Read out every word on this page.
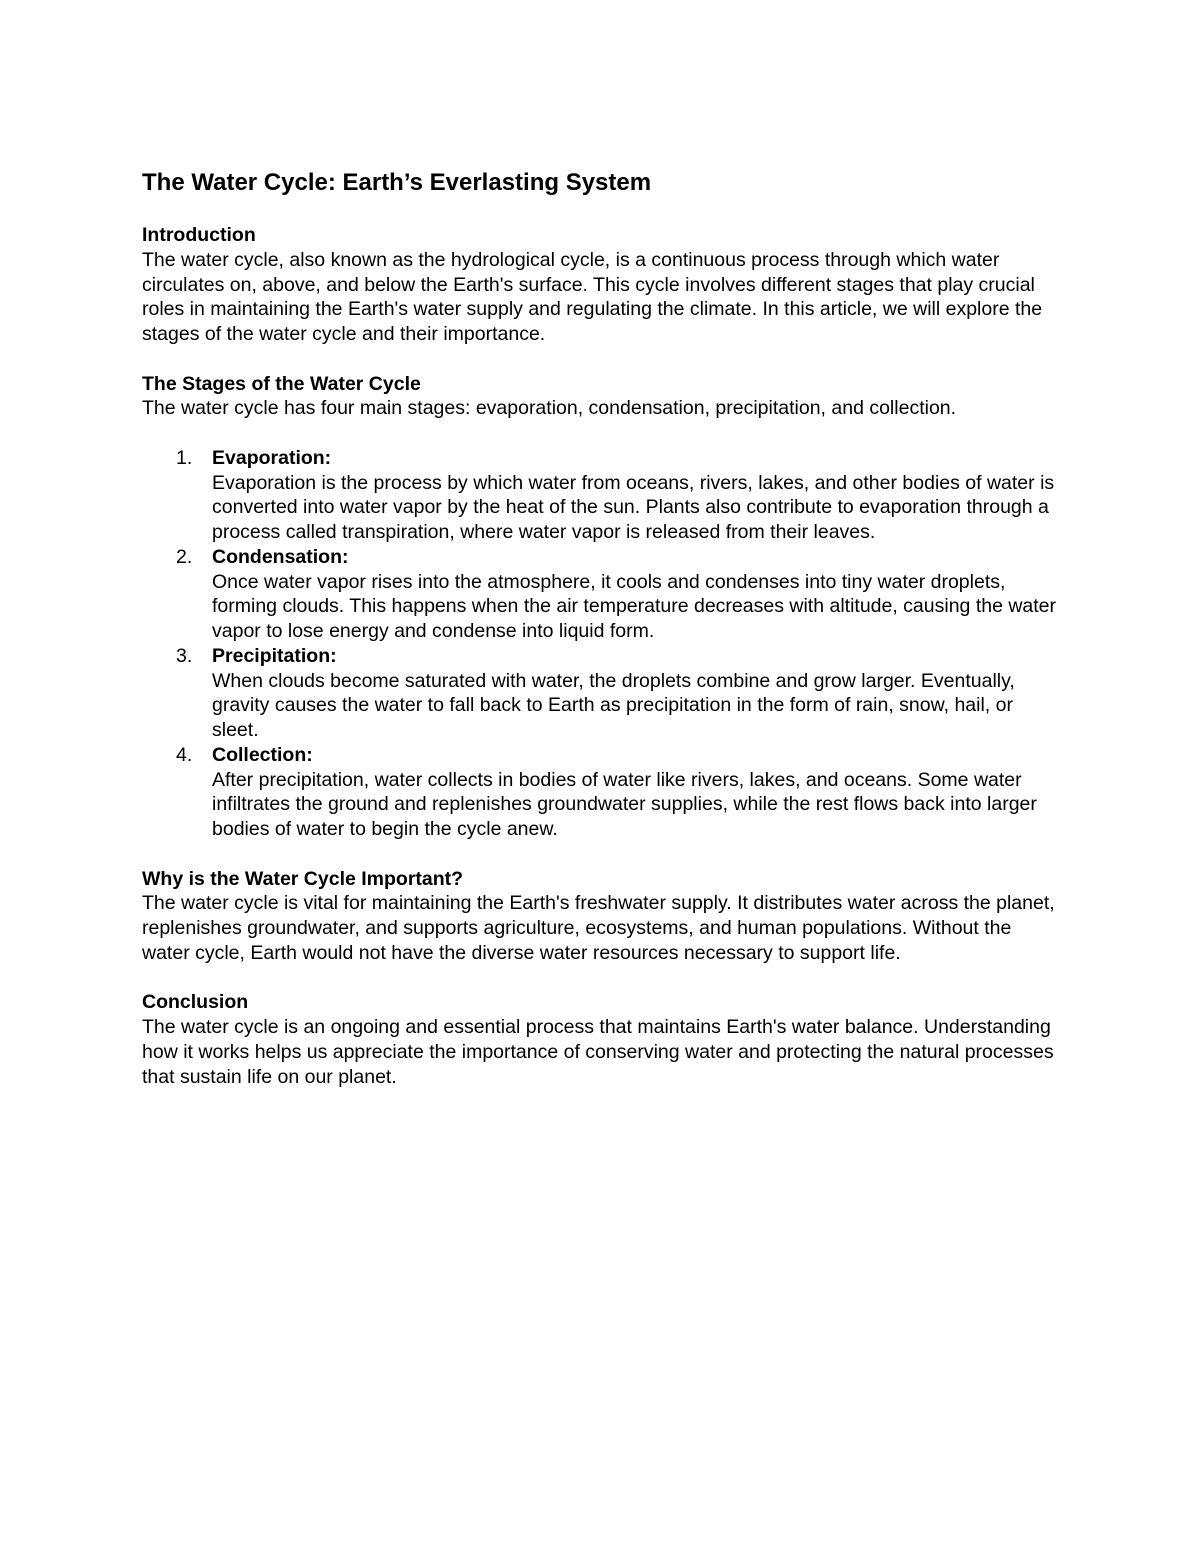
The Water Cycle: Earth’s Everlasting System

Introduction

The water cycle, also known as the hydrological cycle, is a continuous process through which water circulates on, above, and below the Earth's surface. This cycle involves different stages that play crucial roles in maintaining the Earth's water supply and regulating the climate. In this article, we will explore the stages of the water cycle and their importance.

The Stages of the Water Cycle

The water cycle has four main stages: evaporation, condensation, precipitation, and collection.

1. Evaporation:
Evaporation is the process by which water from oceans, rivers, lakes, and other bodies of water is converted into water vapor by the heat of the sun. Plants also contribute to evaporation through a process called transpiration, where water vapor is released from their leaves.
2. Condensation:
Once water vapor rises into the atmosphere, it cools and condenses into tiny water droplets, forming clouds. This happens when the air temperature decreases with altitude, causing the water vapor to lose energy and condense into liquid form.
3. Precipitation:
When clouds become saturated with water, the droplets combine and grow larger. Eventually, gravity causes the water to fall back to Earth as precipitation in the form of rain, snow, hail, or sleet.
4. Collection:
After precipitation, water collects in bodies of water like rivers, lakes, and oceans. Some water infiltrates the ground and replenishes groundwater supplies, while the rest flows back into larger bodies of water to begin the cycle anew.

Why is the Water Cycle Important?

The water cycle is vital for maintaining the Earth's freshwater supply. It distributes water across the planet, replenishes groundwater, and supports agriculture, ecosystems, and human populations. Without the water cycle, Earth would not have the diverse water resources necessary to support life.

Conclusion

The water cycle is an ongoing and essential process that maintains Earth's water balance. Understanding how it works helps us appreciate the importance of conserving water and protecting the natural processes that sustain life on our planet.
